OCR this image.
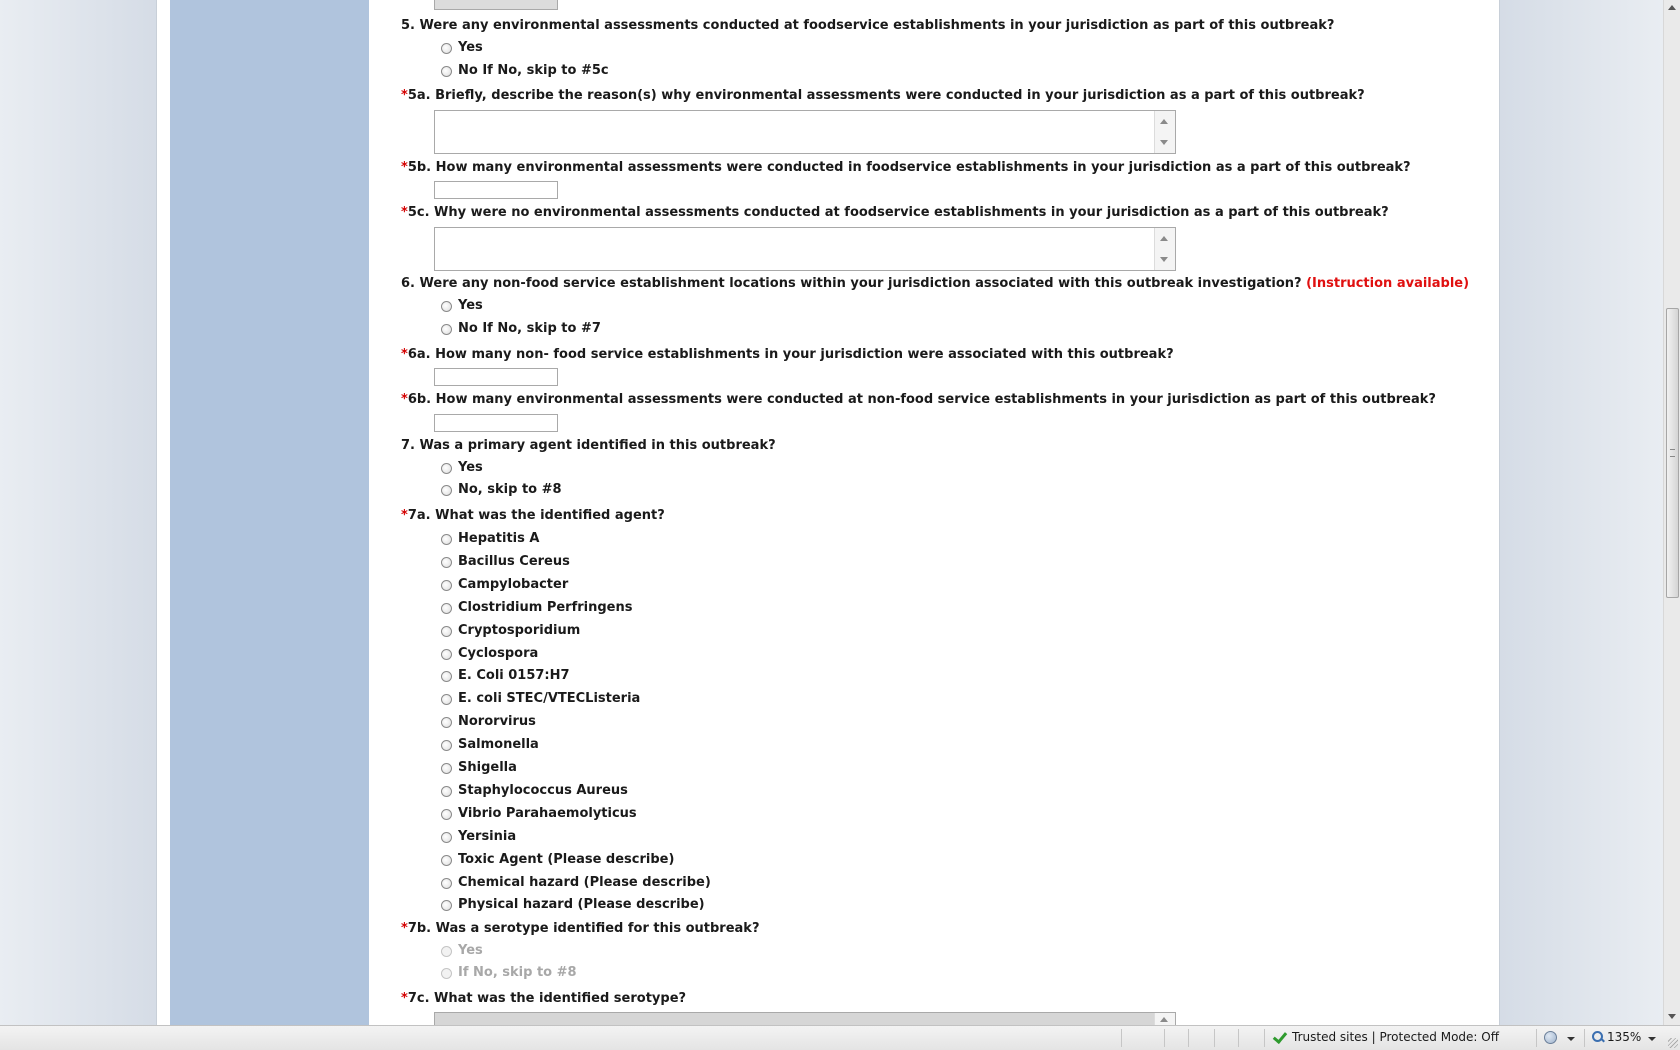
5. Were any environmental assessments conducted at foodservice establishments in your jurisdiction as part of this outbreak?
Yes
No If No, skip to #5c
*5a. Briefly, describe the reason(s) why environmental assessments were conducted in your jurisdiction as a part of this outbreak?
*5b. How many environmental assessments were conducted in foodservice establishments in your jurisdiction as a part of this outbreak?
*5c. Why were no environmental assessments conducted at foodservice establishments in your jurisdiction as a part of this outbreak?
6. Were any non-food service establishment locations within your jurisdiction associated with this outbreak investigation? (Instruction available)
Yes
No If No, skip to #7
*6a. How many non- food service establishments in your jurisdiction were associated with this outbreak?
*6b. How many environmental assessments were conducted at non-food service establishments in your jurisdiction as part of this outbreak?
7. Was a primary agent identified in this outbreak?
Yes
No, skip to #8
*7a. What was the identified agent?
Hepatitis A
Bacillus Cereus
Campylobacter
Clostridium Perfringens
Cryptosporidium
Cyclospora
E. Coli 0157:H7
E. coli STEC/VTECListeria
Nororvirus
Salmonella
Shigella
Staphylococcus Aureus
Vibrio Parahaemolyticus
Yersinia
Toxic Agent (Please describe)
Chemical hazard (Please describe)
Physical hazard (Please describe)
*7b. Was a serotype identified for this outbreak?
Yes
If No, skip to #8
*7c. What was the identified serotype?
Trusted sites | Protected Mode: Off	135%
